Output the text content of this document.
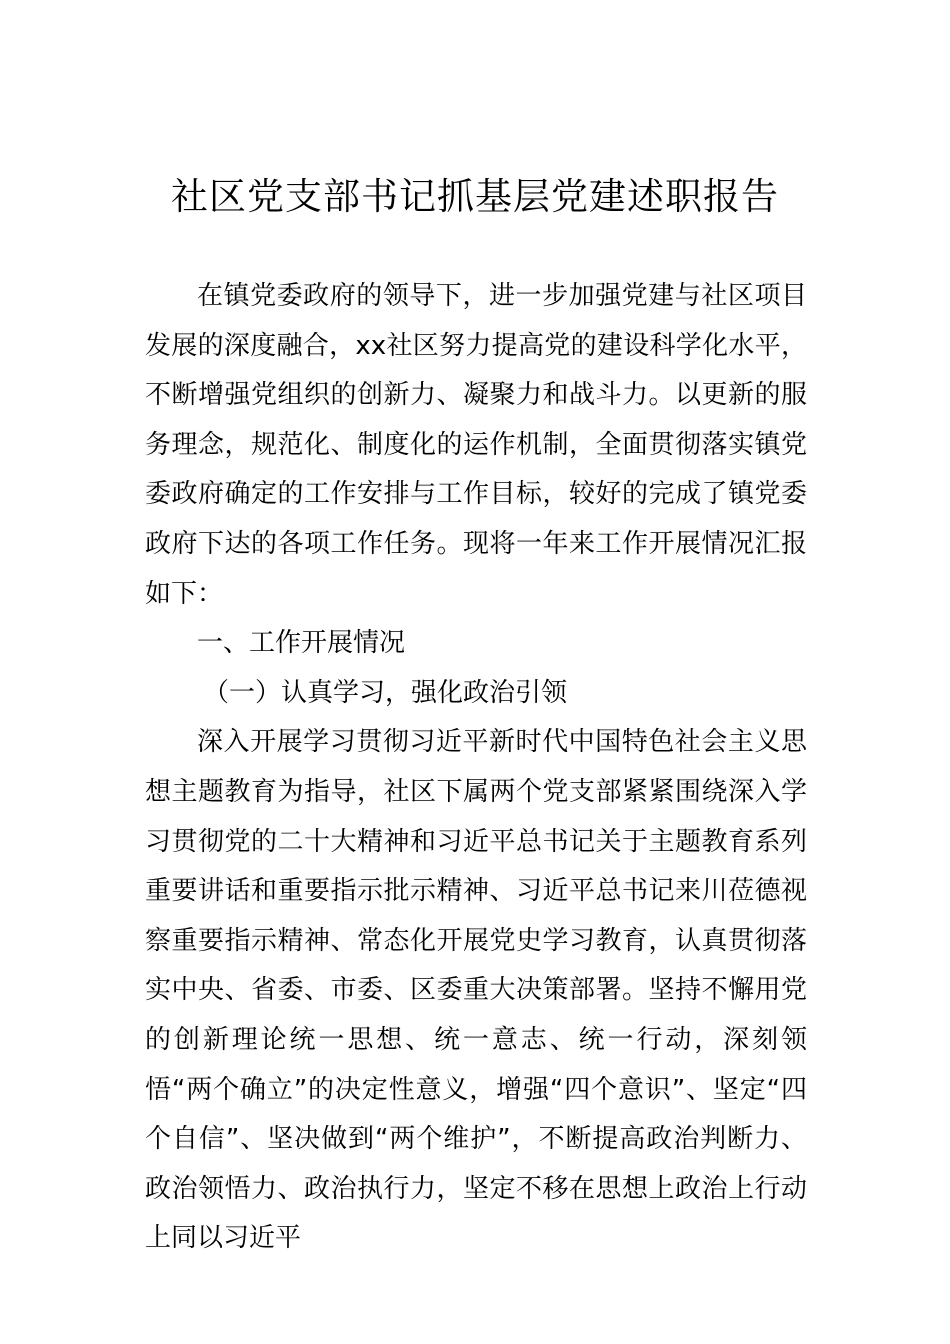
社区党支部书记抓基层党建述职报告

在镇党委政府的领导下，进一步加强党建与社区项目发展的深度融合，xx社区努力提高党的建设科学化水平，不断增强党组织的创新力、凝聚力和战斗力。以更新的服务理念，规范化、制度化的运作机制，全面贯彻落实镇党委政府确定的工作安排与工作目标，较好的完成了镇党委政府下达的各项工作任务。现将一年来工作开展情况汇报如下：

一、工作开展情况

（一）认真学习，强化政治引领

深入开展学习贯彻习近平新时代中国特色社会主义思想主题教育为指导，社区下属两个党支部紧紧围绕深入学习贯彻党的二十大精神和习近平总书记关于主题教育系列重要讲话和重要指示批示精神、习近平总书记来川莅德视察重要指示精神、常态化开展党史学习教育，认真贯彻落实中央、省委、市委、区委重大决策部署。坚持不懈用党的创新理论统一思想、统一意志、统一行动，深刻领悟“两个确立”的决定性意义，增强“四个意识”、坚定“四个自信”、坚决做到“两个维护”，不断提高政治判断力、政治领悟力、政治执行力，坚定不移在思想上政治上行动上同以习近平
